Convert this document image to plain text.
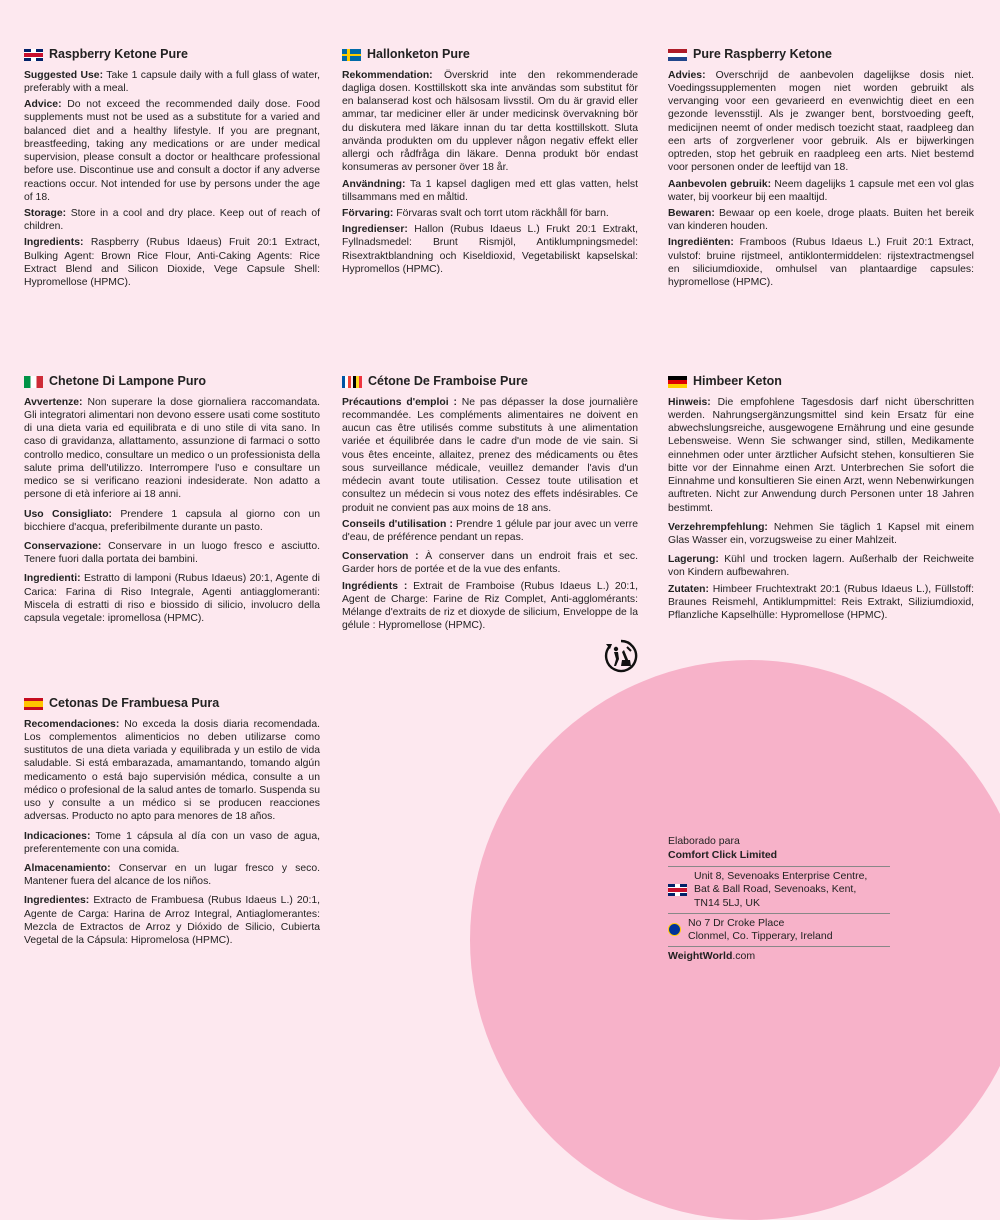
Raspberry Ketone Pure

Suggested Use: Take 1 capsule daily with a full glass of water, preferably with a meal.

Advice: Do not exceed the recommended daily dose. Food supplements must not be used as a substitute for a varied and balanced diet and a healthy lifestyle. If you are pregnant, breastfeeding, taking any medications or are under medical supervision, please consult a doctor or healthcare professional before use. Discontinue use and consult a doctor if any adverse reactions occur. Not intended for use by persons under the age of 18.

Storage: Store in a cool and dry place. Keep out of reach of children.

Ingredients: Raspberry (Rubus Idaeus) Fruit 20:1 Extract, Bulking Agent: Brown Rice Flour, Anti-Caking Agents: Rice Extract Blend and Silicon Dioxide, Vege Capsule Shell: Hypromellose (HPMC).

Hallonketon Pure

Rekommendation: Överskrid inte den rekommenderade dagliga dosen. Kosttillskott ska inte användas som substitut för en balanserad kost och hälsosam livsstil. Om du är gravid eller ammar, tar mediciner eller är under medicinsk övervakning bör du diskutera med läkare innan du tar detta kosttillskott. Sluta använda produkten om du upplever någon negativ effekt eller allergi och rådfråga din läkare. Denna produkt bör endast konsumeras av personer över 18 år.

Användning: Ta 1 kapsel dagligen med ett glas vatten, helst tillsammans med en måltid.

Förvaring: Förvaras svalt och torrt utom räckhåll för barn.

Ingredienser: Hallon (Rubus Idaeus L.) Frukt 20:1 Extrakt, Fyllnadsmedel: Brunt Rismjöl, Antiklumpningsmedel: Risextraktblandning och Kiseldioxid, Vegetabiliskt kapselskal: Hypromellos (HPMC).

Pure Raspberry Ketone

Advies: Overschrijd de aanbevolen dagelijkse dosis niet. Voedingssupplementen mogen niet worden gebruikt als vervanging voor een gevarieerd en evenwichtig dieet en een gezonde levensstijl. Als je zwanger bent, borstvoeding geeft, medicijnen neemt of onder medisch toezicht staat, raadpleeg dan een arts of zorgverlener voor gebruik. Als er bijwerkingen optreden, stop het gebruik en raadpleeg een arts. Niet bestemd voor personen onder de leeftijd van 18.

Aanbevolen gebruik: Neem dagelijks 1 capsule met een vol glas water, bij voorkeur bij een maaltijd.

Bewaren: Bewaar op een koele, droge plaats. Buiten het bereik van kinderen houden.

Ingrediënten: Framboos (Rubus Idaeus L.) Fruit 20:1 Extract, vulstof: bruine rijstmeel, antiklontermiddelen: rijstextractmengsel en siliciumdioxide, omhulsel van plantaardige capsules: hypromellose (HPMC).

Chetone Di Lampone Puro

Avvertenze: Non superare la dose giornaliera raccomandata. Gli integratori alimentari non devono essere usati come sostituto di una dieta varia ed equilibrata e di uno stile di vita sano. In caso di gravidanza, allattamento, assunzione di farmaci o sotto controllo medico, consultare un medico o un professionista della salute prima dell'utilizzo. Interrompere l'uso e consultare un medico se si verificano reazioni indesiderate. Non adatto a persone di età inferiore ai 18 anni.

Uso Consigliato: Prendere 1 capsula al giorno con un bicchiere d'acqua, preferibilmente durante un pasto.

Conservazione: Conservare in un luogo fresco e asciutto. Tenere fuori dalla portata dei bambini.

Ingredienti: Estratto di lamponi (Rubus Idaeus) 20:1, Agente di Carica: Farina di Riso Integrale, Agenti antiagglomeranti: Miscela di estratti di riso e biossido di silicio, involucro della capsula vegetale: ipromellosa (HPMC).

Cétone De Framboise Pure

Précautions d'emploi : Ne pas dépasser la dose journalière recommandée. Les compléments alimentaires ne doivent en aucun cas être utilisés comme substituts à une alimentation variée et équilibrée dans le cadre d'un mode de vie sain. Si vous êtes enceinte, allaitez, prenez des médicaments ou êtes sous surveillance médicale, veuillez demander l'avis d'un médecin avant toute utilisation. Cessez toute utilisation et consultez un médecin si vous notez des effets indésirables. Ce produit ne convient pas aux moins de 18 ans.

Conseils d'utilisation : Prendre 1 gélule par jour avec un verre d'eau, de préférence pendant un repas.

Conservation : À conserver dans un endroit frais et sec. Garder hors de portée et de la vue des enfants.

Ingrédients : Extrait de Framboise (Rubus Idaeus L.) 20:1, Agent de Charge: Farine de Riz Complet, Anti-agglomérants: Mélange d'extraits de riz et dioxyde de silicium, Enveloppe de la gélule : Hypromellose (HPMC).

Himbeer Keton

Hinweis: Die empfohlene Tagesdosis darf nicht überschritten werden. Nahrungsergänzungsmittel sind kein Ersatz für eine abwechslungsreiche, ausgewogene Ernährung und eine gesunde Lebensweise. Wenn Sie schwanger sind, stillen, Medikamente einnehmen oder unter ärztlicher Aufsicht stehen, konsultieren Sie bitte vor der Einnahme einen Arzt. Unterbrechen Sie sofort die Einnahme und konsultieren Sie einen Arzt, wenn Nebenwirkungen auftreten. Nicht zur Anwendung durch Personen unter 18 Jahren bestimmt.

Verzehrempfehlung: Nehmen Sie täglich 1 Kapsel mit einem Glas Wasser ein, vorzugsweise zu einer Mahlzeit.

Lagerung: Kühl und trocken lagern. Außerhalb der Reichweite von Kindern aufbewahren.

Zutaten: Himbeer Fruchtextrakt 20:1 (Rubus Idaeus L.), Füllstoff: Braunes Reismehl, Antiklumpmittel: Reis Extrakt, Siliziumdioxid, Pflanzliche Kapselhülle: Hypromellose (HPMC).

Cetonas De Frambuesa Pura

Recomendaciones: No exceda la dosis diaria recomendada. Los complementos alimenticios no deben utilizarse como sustitutos de una dieta variada y equilibrada y un estilo de vida saludable. Si está embarazada, amamantando, tomando algún medicamento o está bajo supervisión médica, consulte a un médico o profesional de la salud antes de tomarlo. Suspenda su uso y consulte a un médico si se producen reacciones adversas. Producto no apto para menores de 18 años.

Indicaciones: Tome 1 cápsula al día con un vaso de agua, preferentemente con una comida.

Almacenamiento: Conservar en un lugar fresco y seco. Mantener fuera del alcance de los niños.

Ingredientes: Extracto de Frambuesa (Rubus Idaeus L.) 20:1, Agente de Carga: Harina de Arroz Integral, Antiaglomerantes: Mezcla de Extractos de Arroz y Dióxido de Silicio, Cubierta Vegetal de la Cápsula: Hipromelosa (HPMC).

Elaborado para
Comfort Click Limited
Unit 8, Sevenoaks Enterprise Centre,
Bat & Ball Road, Sevenoaks, Kent,
TN14 5LJ, UK
No 7 Dr Croke Place
Clonmel, Co. Tipperary, Ireland
WeightWorld.com
